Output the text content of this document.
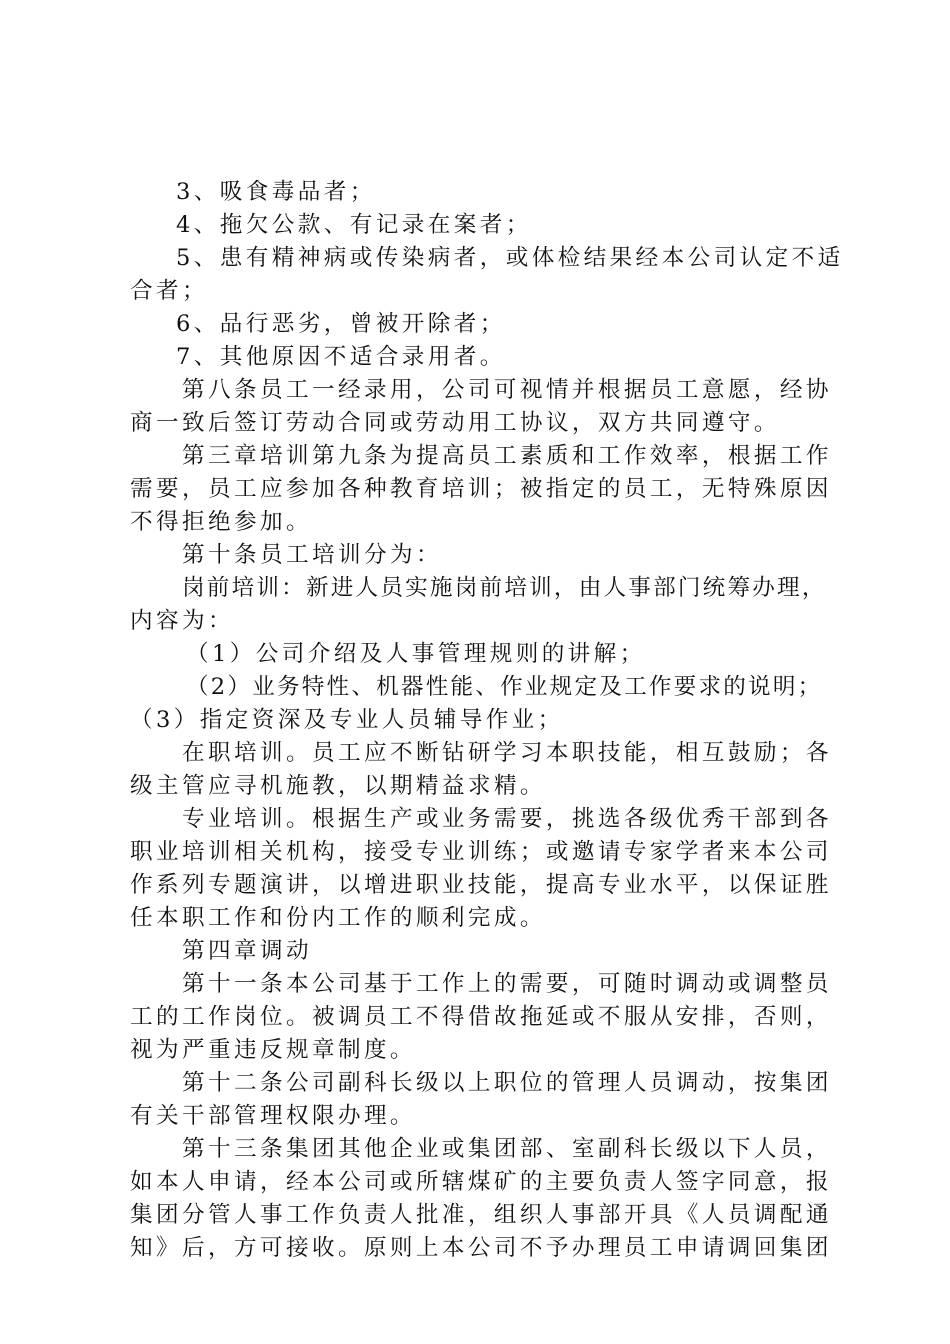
3、吸食毒品者；
4、拖欠公款、有记录在案者；
5、患有精神病或传染病者，或体检结果经本公司认定不适
合者；
6、品行恶劣，曾被开除者；
7、其他原因不适合录用者。
第八条员工一经录用，公司可视情并根据员工意愿，经协
商一致后签订劳动合同或劳动用工协议，双方共同遵守。
第三章培训第九条为提高员工素质和工作效率，根据工作
需要，员工应参加各种教育培训；被指定的员工，无特殊原因
不得拒绝参加。
第十条员工培训分为：
岗前培训：新进人员实施岗前培训，由人事部门统筹办理，
内容为：
（1）公司介绍及人事管理规则的讲解；
（2）业务特性、机器性能、作业规定及工作要求的说明；
（3）指定资深及专业人员辅导作业；
在职培训。员工应不断钻研学习本职技能，相互鼓励；各
级主管应寻机施教，以期精益求精。
专业培训。根据生产或业务需要，挑选各级优秀干部到各
职业培训相关机构，接受专业训练；或邀请专家学者来本公司
作系列专题演讲，以增进职业技能，提高专业水平，以保证胜
任本职工作和份内工作的顺利完成。
第四章调动
第十一条本公司基于工作上的需要，可随时调动或调整员
工的工作岗位。被调员工不得借故拖延或不服从安排，否则，
视为严重违反规章制度。
第十二条公司副科长级以上职位的管理人员调动，按集团
有关干部管理权限办理。
第十三条集团其他企业或集团部、室副科长级以下人员，
如本人申请，经本公司或所辖煤矿的主要负责人签字同意，报
集团分管人事工作负责人批准，组织人事部开具《人员调配通
知》后，方可接收。原则上本公司不予办理员工申请调回集团
